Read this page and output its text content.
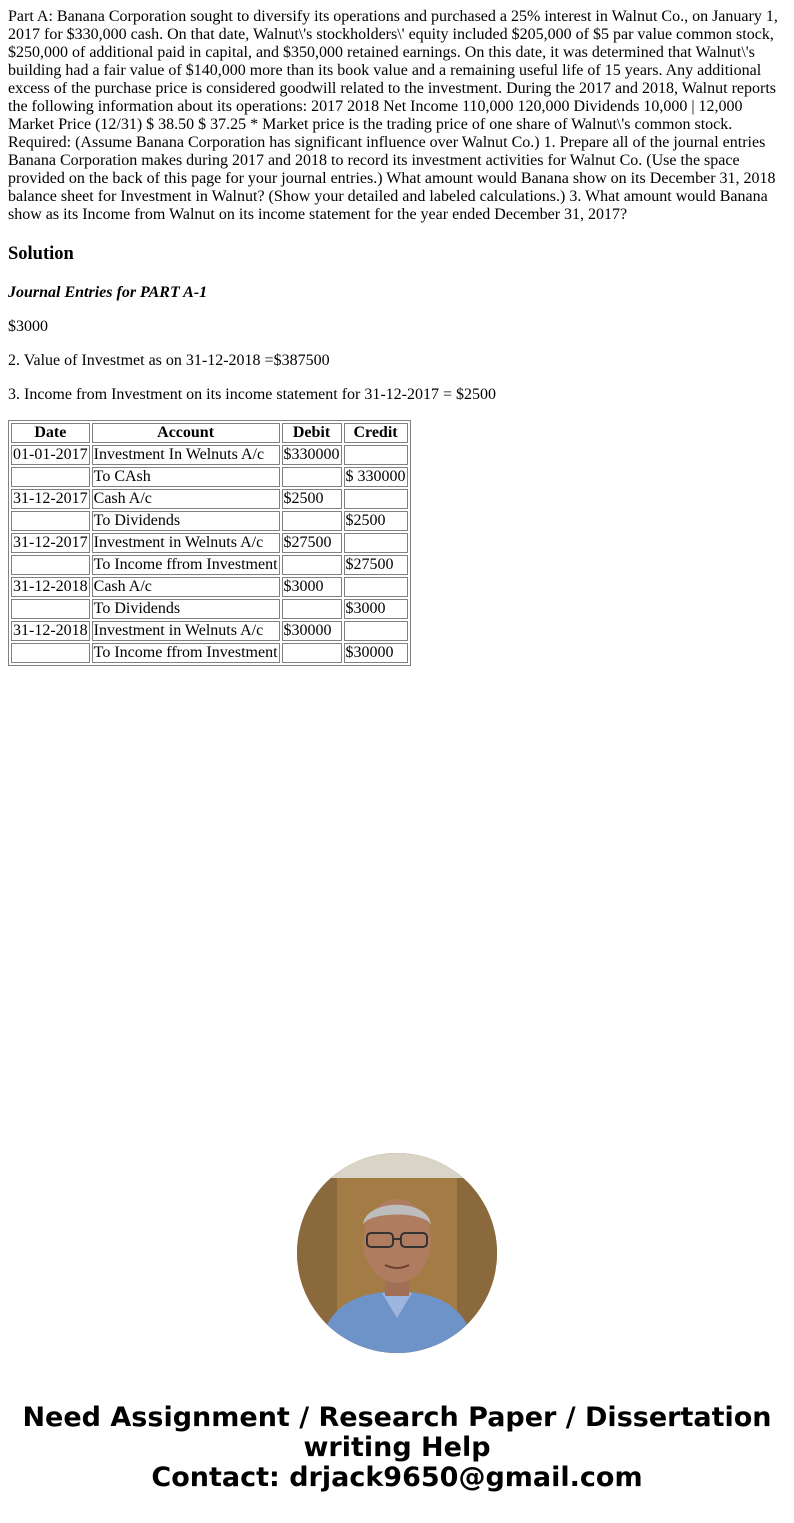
Part A: Banana Corporation sought to diversify its operations and purchased a 25% interest in Walnut Co., on January 1, 2017 for $330,000 cash. On that date, Walnut\'s stockholders\' equity included $205,000 of $5 par value common stock, $250,000 of additional paid in capital, and $350,000 retained earnings. On this date, it was determined that Walnut\'s building had a fair value of $140,000 more than its book value and a remaining useful life of 15 years. Any additional excess of the purchase price is considered goodwill related to the investment. During the 2017 and 2018, Walnut reports the following information about its operations: 2017 2018 Net Income 110,000 120,000 Dividends 10,000 | 12,000 Market Price (12/31) $ 38.50 $ 37.25 * Market price is the trading price of one share of Walnut\'s common stock. Required: (Assume Banana Corporation has significant influence over Walnut Co.) 1. Prepare all of the journal entries Banana Corporation makes during 2017 and 2018 to record its investment activities for Walnut Co. (Use the space provided on the back of this page for your journal entries.) What amount would Banana show on its December 31, 2018 balance sheet for Investment in Walnut? (Show your detailed and labeled calculations.) 3. What amount would Banana show as its Income from Walnut on its income statement for the year ended December 31, 2017?

Solution

Journal Entries for PART A-1

$3000

2. Value of Investmet as on 31-12-2018 =$387500

3. Income from Investment on its income statement for 31-12-2017 = $2500

Date	Account	Debit	Credit
01-01-2017	Investment In Welnuts A/c	$330000	
	To CAsh		$ 330000
31-12-2017	Cash A/c	$2500	
	To Dividends		$2500
31-12-2017	Investment in Welnuts A/c	$27500	
	To Income ffrom Investment		$27500
31-12-2018	Cash A/c	$3000	
	To Dividends		$3000
31-12-2018	Investment in Welnuts A/c	$30000	
	To Income ffrom Investment		$30000
Need Assignment / Research Paper / Dissertation writing Help
Contact: drjack9650@gmail.com
